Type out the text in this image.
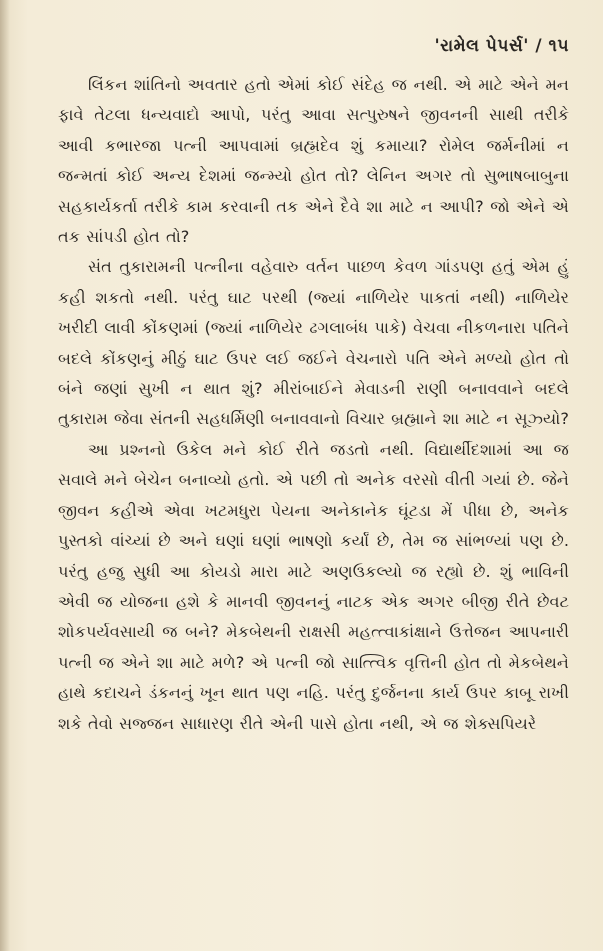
'રામેલ પેપર્સ' / ૧૫

લિંકન શાંતિનો અવતાર હતો એમાં કોઈ સંદેહ જ નથી. એ માટે એને મન ફાવે તેટલા ધન્યવાદો આપો, પરંતુ આવા સત્પુરુષને જીવનની સાથી તરીકે આવી કભારજા પત્ની આપવામાં બ્રહ્મદેવ શું કમાયા? રોમેલ જર્મનીમાં ન જન્મતાં કોઈ અન્ય દેશમાં જન્મ્યો હોત તો? લેનિન અગર તો સુભાષબાબુના સહકાર્યકર્તા તરીકે કામ કરવાની તક એને દૈવે શા માટે ન આપી? જો એને એ તક સાંપડી હોત તો?

સંત તુકારામની પત્નીના વહેવારુ વર્તન પાછળ કેવળ ગાંડપણ હતું એમ હું કહી શકતો નથી. પરંતુ ઘાટ પરથી (જ્યાં નાળિયેર પાકતાં નથી) નાળિયેર ખરીદી લાવી કોંકણમાં (જ્યાં નાળિયેર ઢગલાબંધ પાકે) વેચવા નીકળનારા પતિને બદલે કોંકણનું મીઠું ઘાટ ઉપર લઈ જઈને વેચનારો પતિ એને મળ્યો હોત તો બંને જણાં સુખી ન થાત શું? મીરાંબાઈને મેવાડની રાણી બનાવવાને બદલે તુકારામ જેવા સંતની સહધર્મિણી બનાવવાનો વિચાર બ્રહ્માને શા માટે ન સૂઝ્યો?

આ પ્રશ્નનો ઉકેલ મને કોઈ રીતે જડતો નથી. વિદ્યાર્થીદશામાં આ જ સવાલે મને બેચેન બનાવ્યો હતો. એ પછી તો અનેક વરસો વીતી ગયાં છે. જેને જીવન કહીએ એવા ખટમધુરા પેયના અનેકાનેક ઘૂંટડા મેં પીધા છે, અનેક પુસ્તકો વાંચ્યાં છે અને ઘણાં ઘણાં ભાષણો કર્યાં છે, તેમ જ સાંભળ્યાં પણ છે. પરંતુ હજુ સુધી આ કોયડો મારા માટે અણઉકલ્યો જ રહ્યો છે. શું ભાવિની એવી જ યોજના હશે કે માનવી જીવનનું નાટક એક અગર બીજી રીતે છેવટ શોકપર્યવસાયી જ બને? મેકબેથની રાક્ષસી મહત્ત્વાકાંક્ષાને ઉત્તેજન આપનારી પત્ની જ એને શા માટે મળે? એ પત્ની જો સાત્ત્વિક વૃત્તિની હોત તો મેકબેથને હાથે કદાચને ડંકનનું ખૂન થાત પણ નહિ. પરંતુ દુર્જનના કાર્ય ઉપર કાબૂ રાખી શકે તેવો સજ્જન સાધારણ રીતે એની પાસે હોતા નથી, એ જ શેક્સપિયરે
